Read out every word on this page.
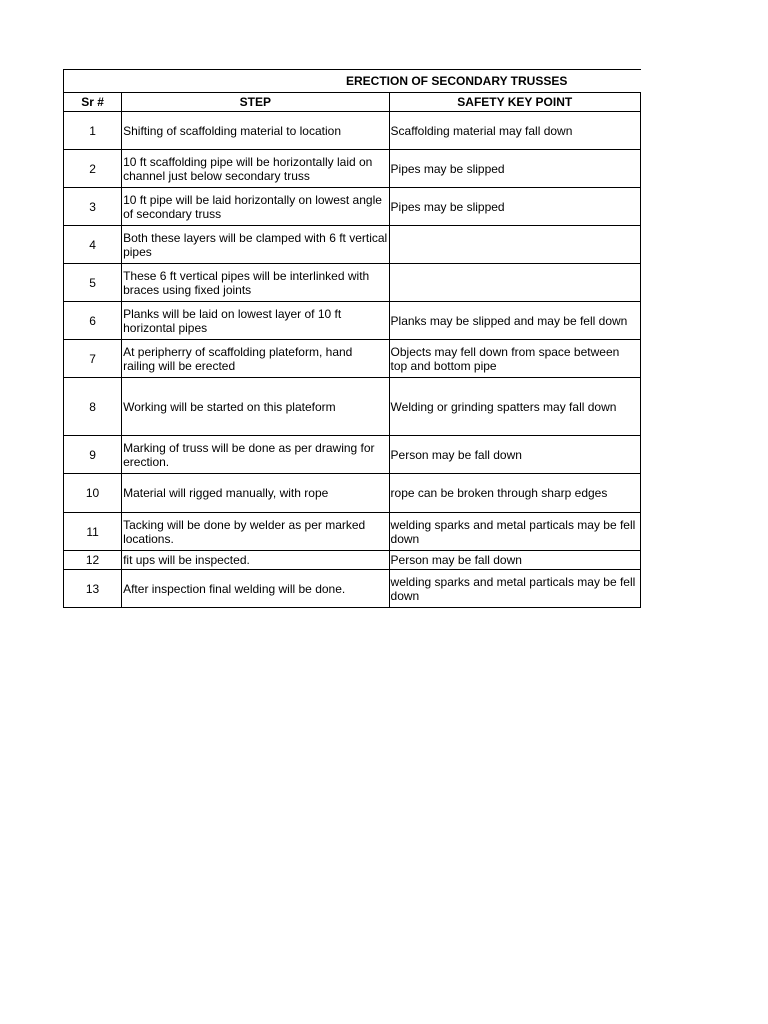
ERECTION OF SECONDARY TRUSSES		
Sr #	STEP	SAFETY KEY POINT
1	Shifting of scaffolding material to location	Scaffolding material may fall down
2	10 ft scaffolding pipe will be horizontally laid on channel just below secondary truss	Pipes may be slipped
3	10 ft pipe will be laid horizontally on lowest angle of secondary truss	Pipes may be slipped
4	Both these layers will be clamped with 6 ft vertical pipes	
5	These 6 ft vertical pipes will be interlinked with braces using fixed joints	
6	Planks will be laid on lowest layer of 10 ft horizontal pipes	Planks may be slipped and may be fell down
7	At peripherry of scaffolding plateform, hand railing will be erected	Objects may fell down from space between top and bottom pipe
8	Working will be started on this plateform	Welding or grinding spatters may fall down
9	Marking of truss will be done as per drawing for erection.	Person may be fall down
10	Material will rigged manually, with rope	rope can be broken through sharp edges
11	Tacking will be done by welder as per marked locations.	welding sparks and metal particals may be fell down
12	fit ups will be inspected.	Person may be fall down
13	After inspection final welding will be done.	welding sparks and metal particals may be fell down
